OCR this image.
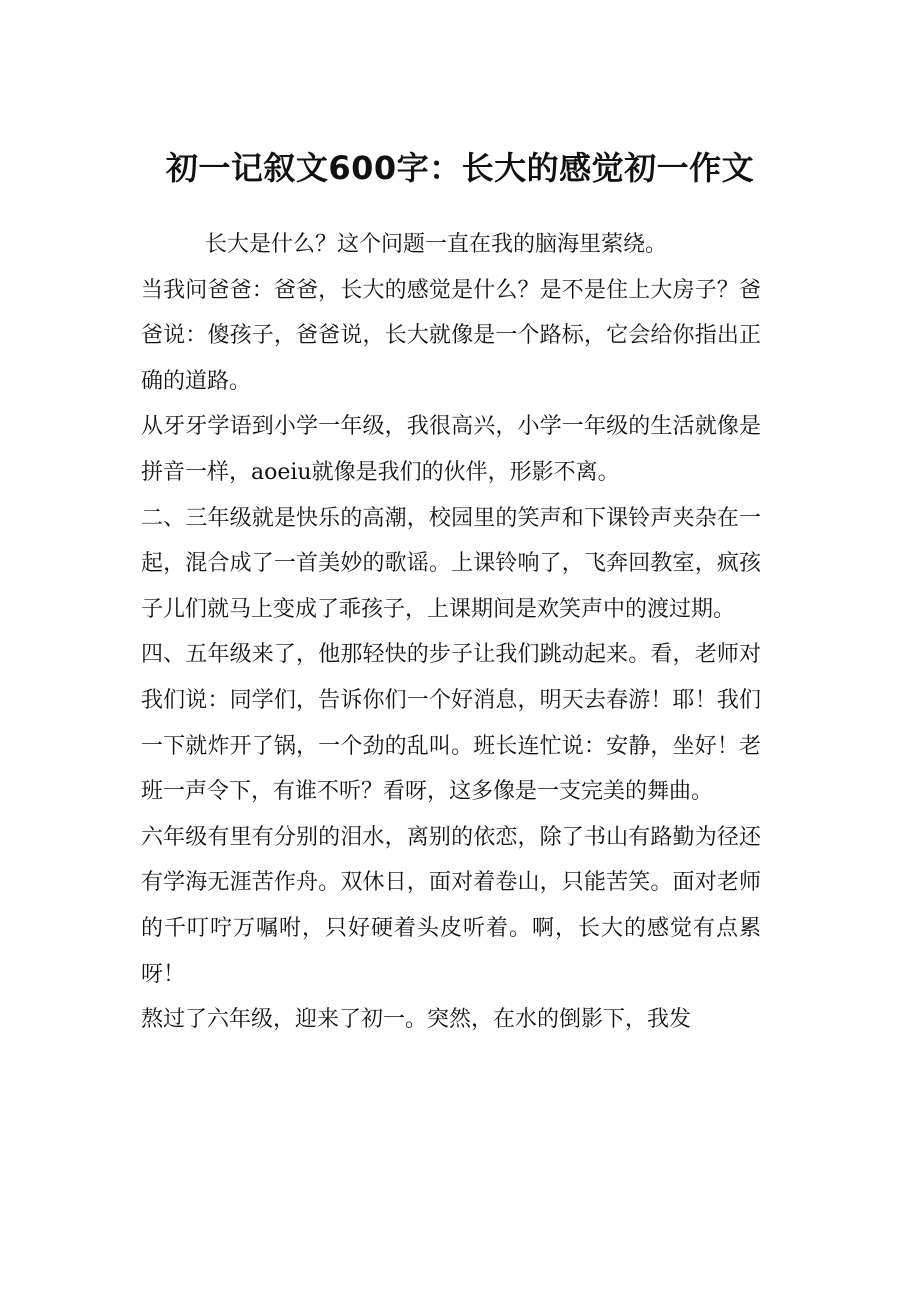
初一记叙文600字：长大的感觉初一作文

长大是什么？这个问题一直在我的脑海里萦绕。

当我问爸爸：爸爸，长大的感觉是什么？是不是住上大房子？爸爸说：傻孩子，爸爸说，长大就像是一个路标，它会给你指出正确的道路。

从牙牙学语到小学一年级，我很高兴，小学一年级的生活就像是拼音一样，aoeiu就像是我们的伙伴，形影不离。

二、三年级就是快乐的高潮，校园里的笑声和下课铃声夹杂在一起，混合成了一首美妙的歌谣。上课铃响了，飞奔回教室，疯孩子儿们就马上变成了乖孩子，上课期间是欢笑声中的渡过期。

四、五年级来了，他那轻快的步子让我们跳动起来。看，老师对我们说：同学们，告诉你们一个好消息，明天去春游！耶！我们一下就炸开了锅，一个劲的乱叫。班长连忙说：安静，坐好！老班一声令下，有谁不听？看呀，这多像是一支完美的舞曲。

六年级有里有分别的泪水，离别的依恋，除了书山有路勤为径还有学海无涯苦作舟。双休日，面对着卷山，只能苦笑。面对老师的千叮咛万嘱咐，只好硬着头皮听着。啊，长大的感觉有点累呀！

熬过了六年级，迎来了初一。突然，在水的倒影下，我发
